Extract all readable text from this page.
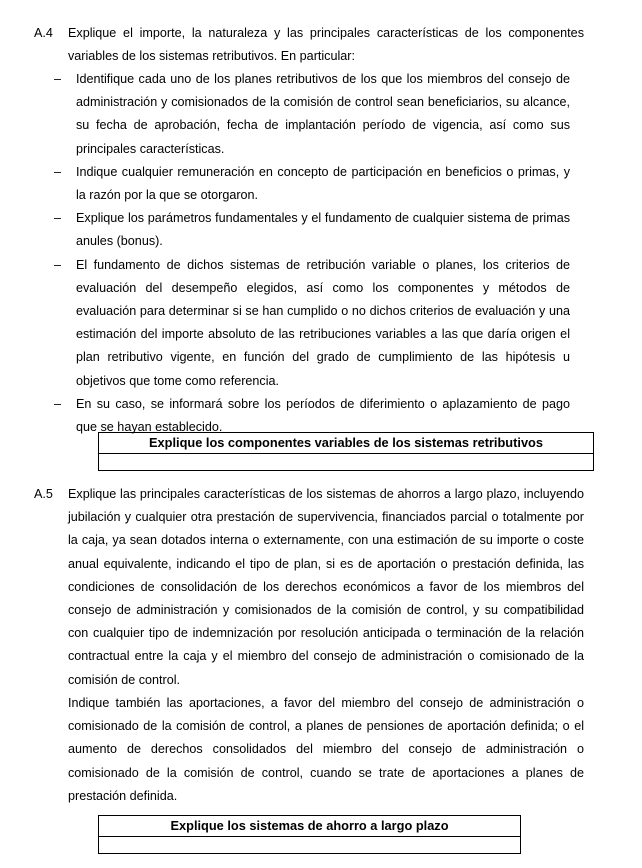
A.4 Explique el importe, la naturaleza y las principales características de los componentes variables de los sistemas retributivos. En particular:

– Identifique cada uno de los planes retributivos de los que los miembros del consejo de administración y comisionados de la comisión de control sean beneficiarios, su alcance, su fecha de aprobación, fecha de implantación período de vigencia, así como sus principales características.
– Indique cualquier remuneración en concepto de participación en beneficios o primas, y la razón por la que se otorgaron.
– Explique los parámetros fundamentales y el fundamento de cualquier sistema de primas anules (bonus).
– El fundamento de dichos sistemas de retribución variable o planes, los criterios de evaluación del desempeño elegidos, así como los componentes y métodos de evaluación para determinar si se han cumplido o no dichos criterios de evaluación y una estimación del importe absoluto de las retribuciones variables a las que daría origen el plan retributivo vigente, en función del grado de cumplimiento de las hipótesis u objetivos que tome como referencia.
– En su caso, se informará sobre los períodos de diferimiento o aplazamiento de pago que se hayan establecido.
Explique los componentes variables de los sistemas retributivos
A.5 Explique las principales características de los sistemas de ahorros a largo plazo, incluyendo jubilación y cualquier otra prestación de supervivencia, financiados parcial o totalmente por la caja, ya sean dotados interna o externamente, con una estimación de su importe o coste anual equivalente, indicando el tipo de plan, si es de aportación o prestación definida, las condiciones de consolidación de los derechos económicos a favor de los miembros del consejo de administración y comisionados de la comisión de control, y su compatibilidad con cualquier tipo de indemnización por resolución anticipada o terminación de la relación contractual entre la caja y el miembro del consejo de administración o comisionado de la comisión de control.

Indique también las aportaciones, a favor del miembro del consejo de administración o comisionado de la comisión de control, a planes de pensiones de aportación definida; o el aumento de derechos consolidados del miembro del consejo de administración o comisionado de la comisión de control, cuando se trate de aportaciones a planes de prestación definida.

Explique los sistemas de ahorro a largo plazo
